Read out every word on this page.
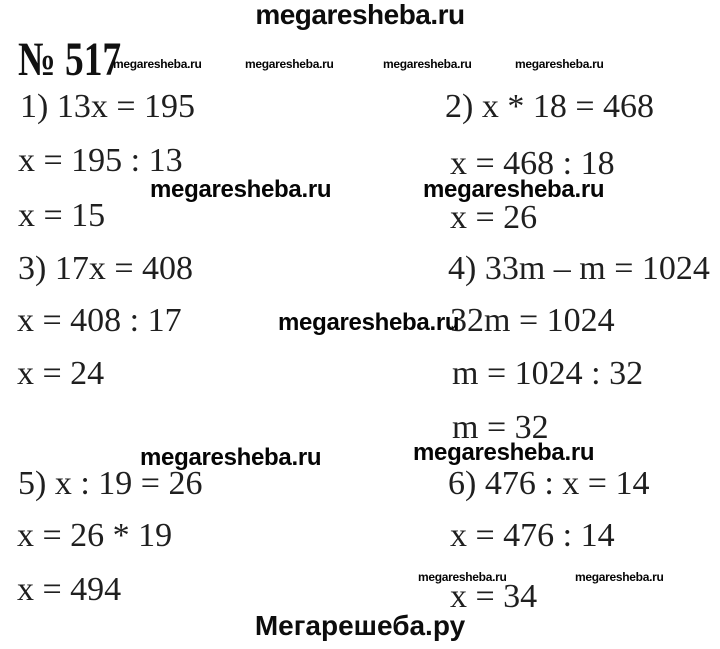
megaresheba.ru
№ 517
megaresheba.ru	megaresheba.ru	megaresheba.ru	megaresheba.ru
1) 13x = 195
x = 195 : 13
x = 15
2) x * 18 = 468
x = 468 : 18
x = 26
megaresheba.ru	megaresheba.ru
3) 17x = 408
x = 408 : 17
x = 24
4) 33m – m = 1024
32m = 1024
m = 1024 : 32
m = 32
megaresheba.ru
megaresheba.ru	megaresheba.ru
5) x : 19 = 26
x = 26 * 19
x = 494
6) 476 : x = 14
x = 476 : 14
x = 34
megaresheba.ru	megaresheba.ru
Мегарешеба.ру
